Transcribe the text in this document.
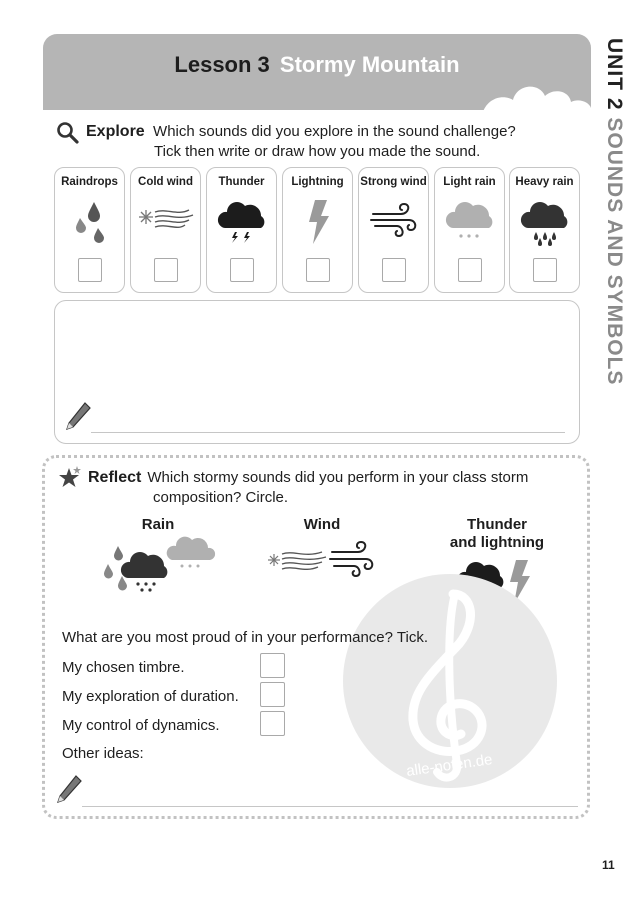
Lesson 3 Stormy Mountain	UNIT 2 SOUNDS AND SYMBOLS
Explore Which sounds did you explore in the sound challenge?
Tick then write or draw how you made the sound.
Raindrops	Cold wind	Thunder	Lightning	Strong wind	Light rain	Heavy rain
Reflect Which stormy sounds did you perform in your class storm
composition? Circle.
Rain	Wind	Thunder
and lightning
alle-noten.de
What are you most proud of in your performance? Tick.
My chosen timbre.
My exploration of duration.
My control of dynamics.
Other ideas:
11
